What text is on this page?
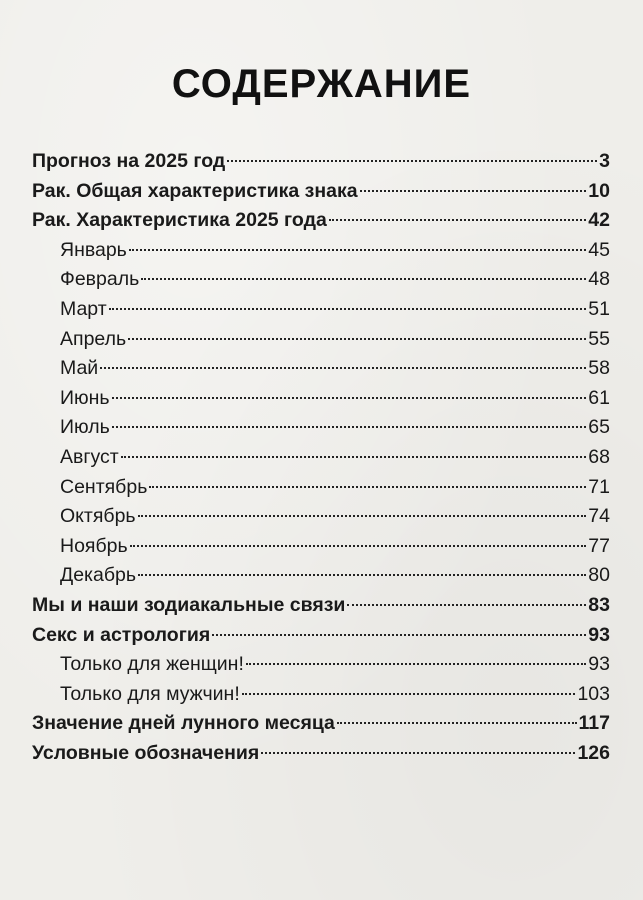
СОДЕРЖАНИЕ
Прогноз на 2025 год	3
Рак. Общая характеристика знака	10
Рак. Характеристика 2025 года	42
Январь	45
Февраль	48
Март	51
Апрель	55
Май	58
Июнь	61
Июль	65
Август	68
Сентябрь	71
Октябрь	74
Ноябрь	77
Декабрь	80
Мы и наши зодиакальные связи	83
Секс и астрология	93
Только для женщин!	93
Только для мужчин!	103
Значение дней лунного месяца	117
Условные обозначения	126
